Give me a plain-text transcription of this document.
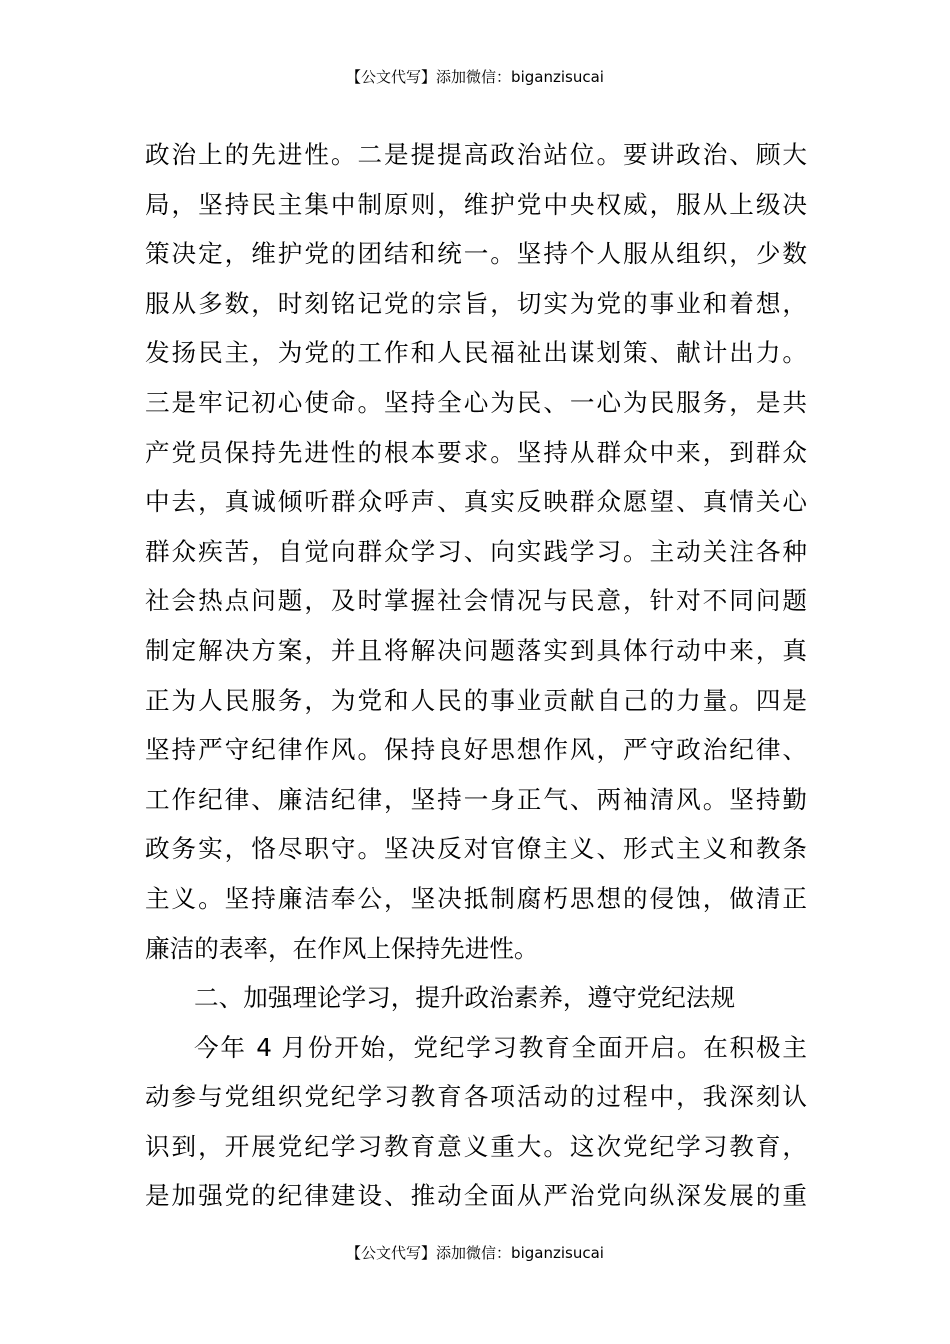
【公文代写】添加微信：biganzisucai
政治上的先进性。二是提提高政治站位。要讲政治、顾大
局，坚持民主集中制原则，维护党中央权威，服从上级决
策决定，维护党的团结和统一。坚持个人服从组织，少数
服从多数，时刻铭记党的宗旨，切实为党的事业和着想，
发扬民主，为党的工作和人民福祉出谋划策、献计出力。
三是牢记初心使命。坚持全心为民、一心为民服务，是共
产党员保持先进性的根本要求。坚持从群众中来，到群众
中去，真诚倾听群众呼声、真实反映群众愿望、真情关心
群众疾苦，自觉向群众学习、向实践学习。主动关注各种
社会热点问题，及时掌握社会情况与民意，针对不同问题
制定解决方案，并且将解决问题落实到具体行动中来，真
正为人民服务，为党和人民的事业贡献自己的力量。四是
坚持严守纪律作风。保持良好思想作风，严守政治纪律、
工作纪律、廉洁纪律，坚持一身正气、两袖清风。坚持勤
政务实，恪尽职守。坚决反对官僚主义、形式主义和教条
主义。坚持廉洁奉公，坚决抵制腐朽思想的侵蚀，做清正
廉洁的表率，在作风上保持先进性。
二、加强理论学习，提升政治素养，遵守党纪法规
今年 4 月份开始，党纪学习教育全面开启。在积极主
动参与党组织党纪学习教育各项活动的过程中，我深刻认
识到，开展党纪学习教育意义重大。这次党纪学习教育，
是加强党的纪律建设、推动全面从严治党向纵深发展的重
【公文代写】添加微信：biganzisucai
